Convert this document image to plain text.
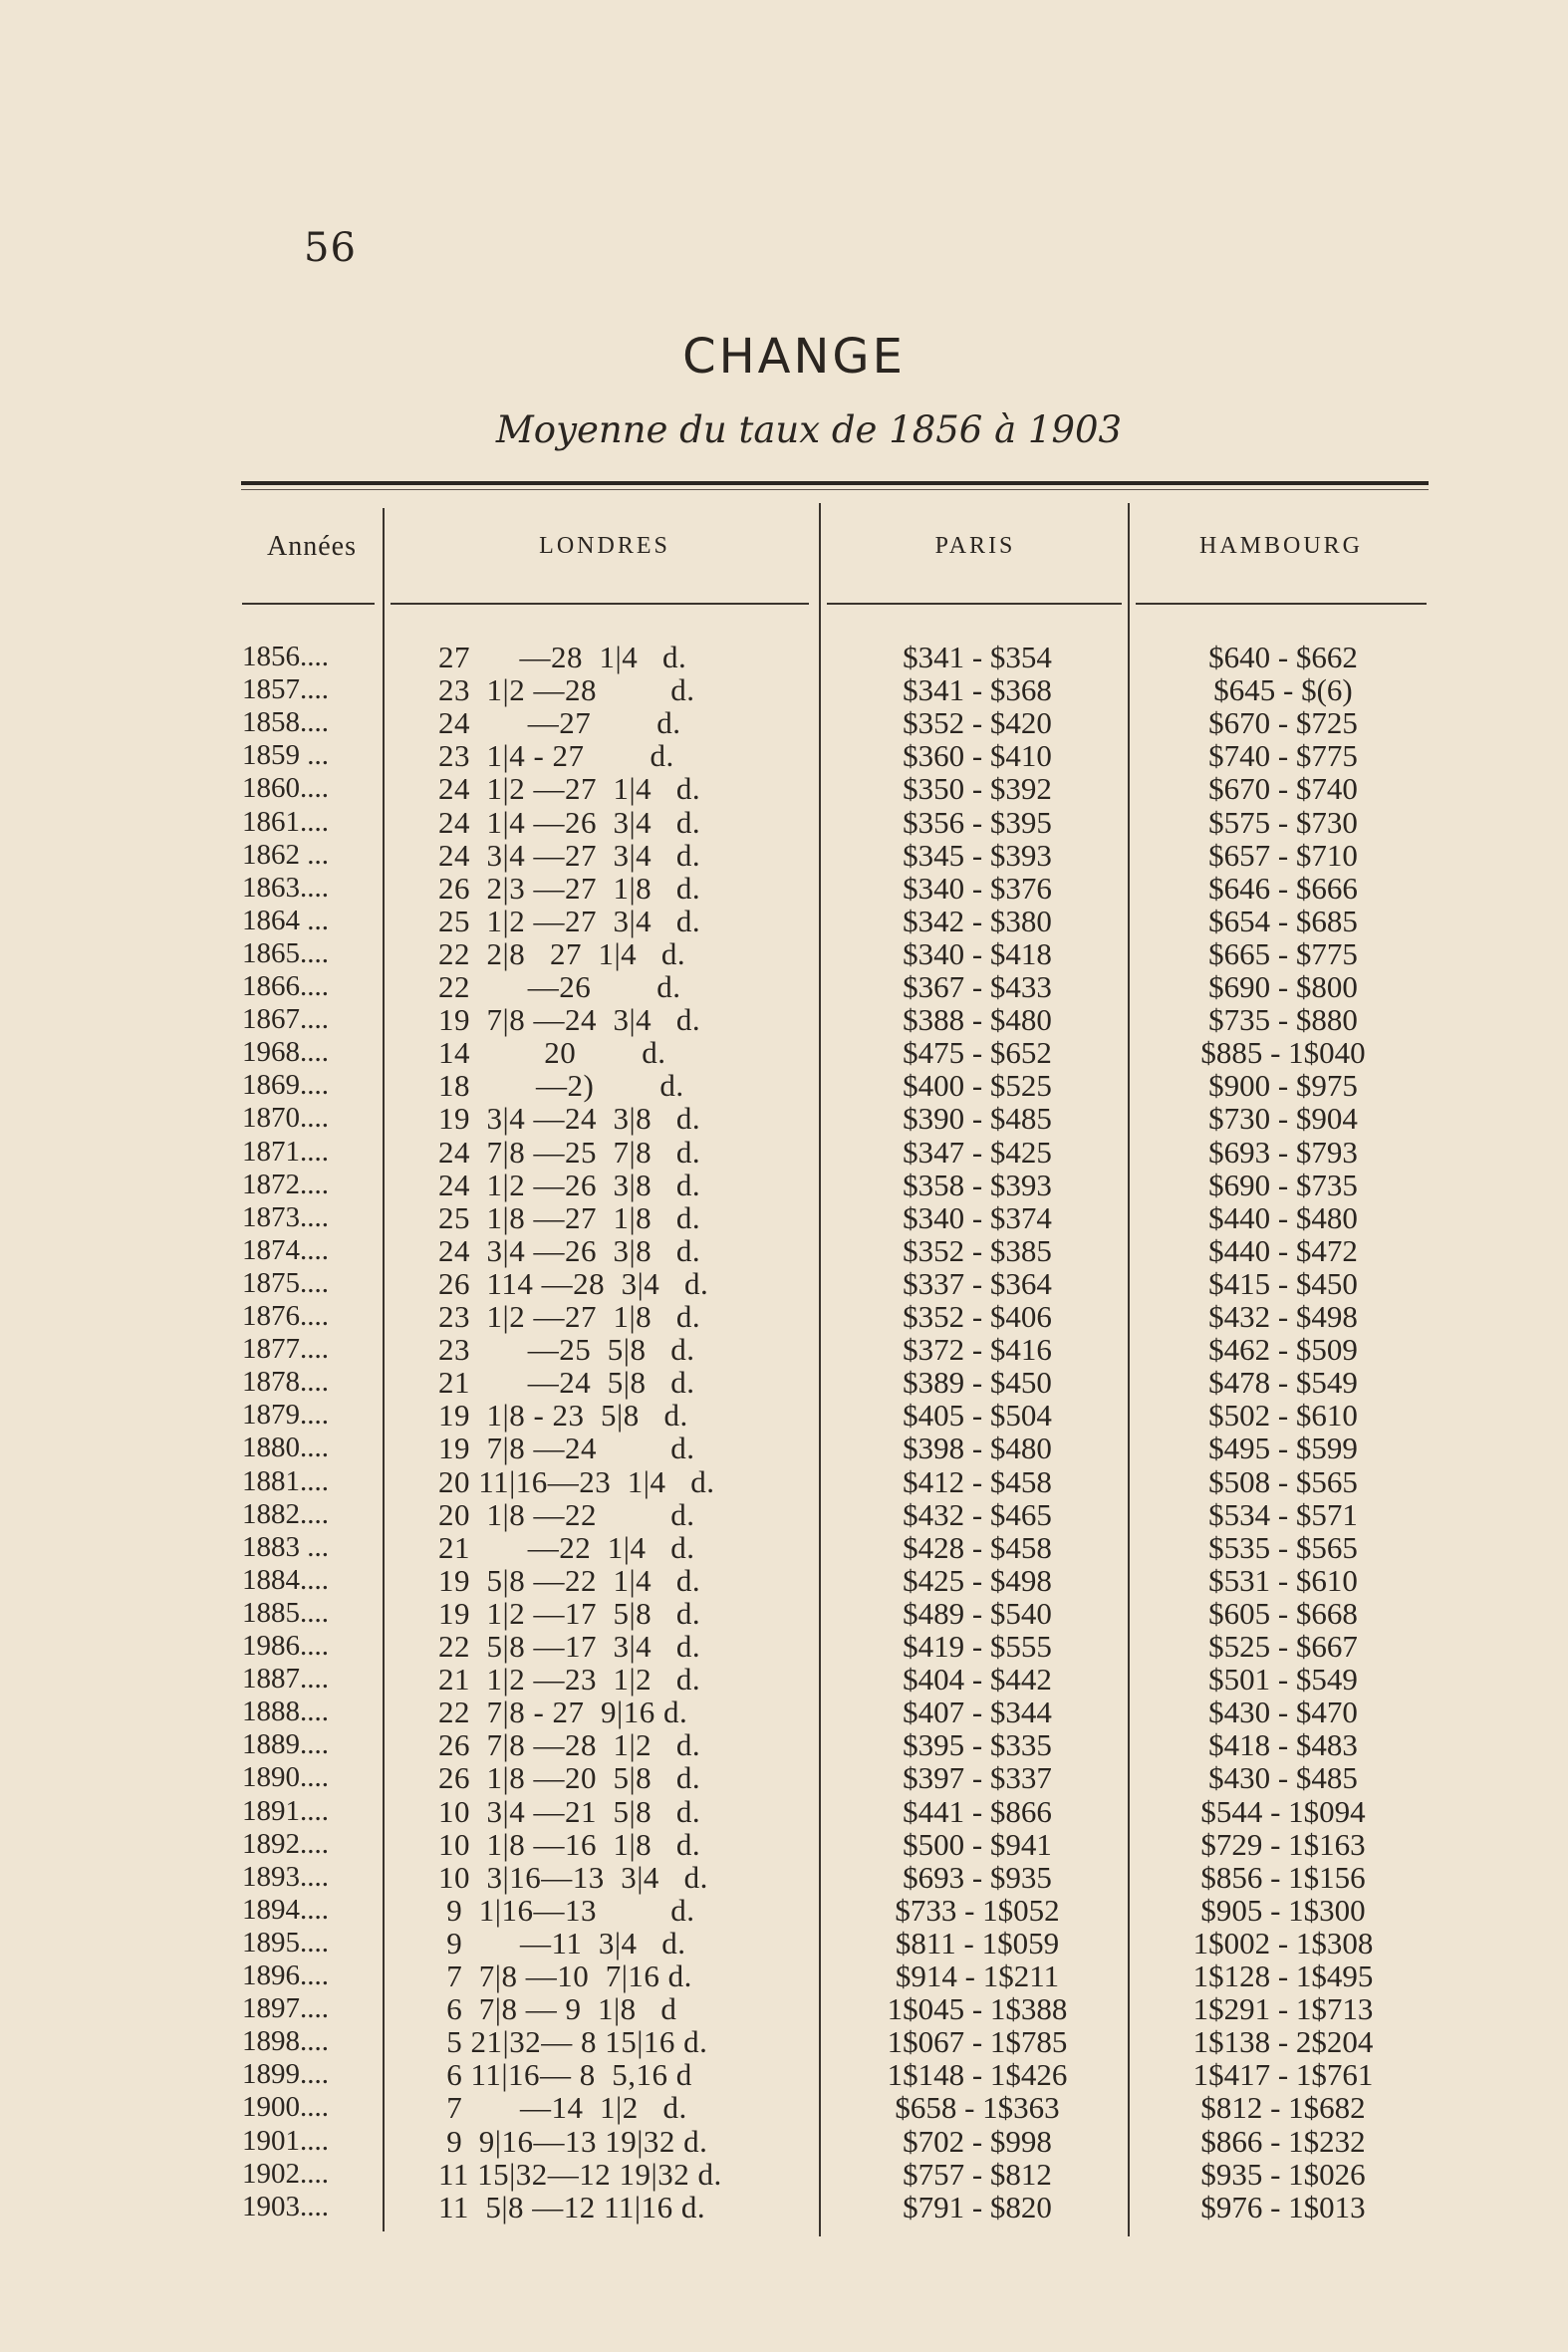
56
CHANGE
Moyenne du taux de 1856 à 1903
Années	LONDRES	PARIS	HAMBOURG
1856....	27      —28  1|4   d.	$341 - $354	$640 - $662
1857....	23  1|2 —28         d.	$341 - $368	$645 - $(6)
1858....	24       —27        d.	$352 - $420	$670 - $725
1859 ...	23  1|4 - 27        d.	$360 - $410	$740 - $775
1860....	24  1|2 —27  1|4   d.	$350 - $392	$670 - $740
1861....	24  1|4 —26  3|4   d.	$356 - $395	$575 - $730
1862 ...	24  3|4 —27  3|4   d.	$345 - $393	$657 - $710
1863....	26  2|3 —27  1|8   d.	$340 - $376	$646 - $666
1864 ...	25  1|2 —27  3|4   d.	$342 - $380	$654 - $685
1865....	22  2|8   27  1|4   d.	$340 - $418	$665 - $775
1866....	22       —26        d.	$367 - $433	$690 - $800
1867....	19  7|8 —24  3|4   d.	$388 - $480	$735 - $880
1968....	14         20        d.	$475 - $652	$885 - 1$040
1869....	18        —2)        d.	$400 - $525	$900 - $975
1870....	19  3|4 —24  3|8   d.	$390 - $485	$730 - $904
1871....	24  7|8 —25  7|8   d.	$347 - $425	$693 - $793
1872....	24  1|2 —26  3|8   d.	$358 - $393	$690 - $735
1873....	25  1|8 —27  1|8   d.	$340 - $374	$440 - $480
1874....	24  3|4 —26  3|8   d.	$352 - $385	$440 - $472
1875....	26  114 —28  3|4   d.	$337 - $364	$415 - $450
1876....	23  1|2 —27  1|8   d.	$352 - $406	$432 - $498
1877....	23       —25  5|8   d.	$372 - $416	$462 - $509
1878....	21       —24  5|8   d.	$389 - $450	$478 - $549
1879....	19  1|8 - 23  5|8   d.	$405 - $504	$502 - $610
1880....	19  7|8 —24         d.	$398 - $480	$495 - $599
1881....	20 11|16—23  1|4   d.	$412 - $458	$508 - $565
1882....	20  1|8 —22         d.	$432 - $465	$534 - $571
1883 ...	21       —22  1|4   d.	$428 - $458	$535 - $565
1884....	19  5|8 —22  1|4   d.	$425 - $498	$531 - $610
1885....	19  1|2 —17  5|8   d.	$489 - $540	$605 - $668
1986....	22  5|8 —17  3|4   d.	$419 - $555	$525 - $667
1887....	21  1|2 —23  1|2   d.	$404 - $442	$501 - $549
1888....	22  7|8 - 27  9|16 d.	$407 - $344	$430 - $470
1889....	26  7|8 —28  1|2   d.	$395 - $335	$418 - $483
1890....	26  1|8 —20  5|8   d.	$397 - $337	$430 - $485
1891....	10  3|4 —21  5|8   d.	$441 - $866	$544 - 1$094
1892....	10  1|8 —16  1|8   d.	$500 - $941	$729 - 1$163
1893....	10  3|16—13  3|4   d.	$693 - $935	$856 - 1$156
1894....	9  1|16—13         d.	$733 - 1$052	$905 - 1$300
1895....	9       —11  3|4   d.	$811 - 1$059	1$002 - 1$308
1896....	7  7|8 —10  7|16 d.	$914 - 1$211	1$128 - 1$495
1897....	6  7|8 — 9  1|8   d	1$045 - 1$388	1$291 - 1$713
1898....	5 21|32— 8 15|16 d.	1$067 - 1$785	1$138 - 2$204
1899....	6 11|16— 8  5,16 d	1$148 - 1$426	1$417 - 1$761
1900....	7       —14  1|2   d.	$658 - 1$363	$812 - 1$682
1901....	9  9|16—13 19|32 d.	$702 - $998	$866 - 1$232
1902....	11 15|32—12 19|32 d.	$757 - $812	$935 - 1$026
1903....	11  5|8 —12 11|16 d.	$791 - $820	$976 - 1$013
